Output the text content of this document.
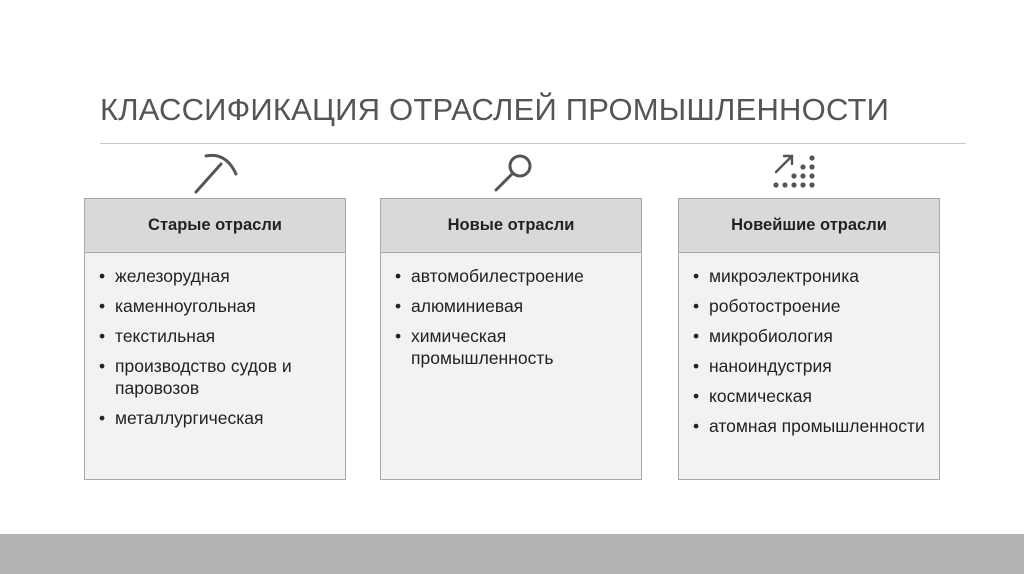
КЛАССИФИКАЦИЯ ОТРАСЛЕЙ ПРОМЫШЛЕННОСТИ
Старые отрасли
• железорудная
• каменноугольная
• текстильная
• производство судов и паровозов
• металлургическая
Новые отрасли
• автомобилестроение
• алюминиевая
• химическая промышленность
Новейшие отрасли
• микроэлектроника
• роботостроение
• микробиология
• наноиндустрия
• космическая
• атомная промышленности
